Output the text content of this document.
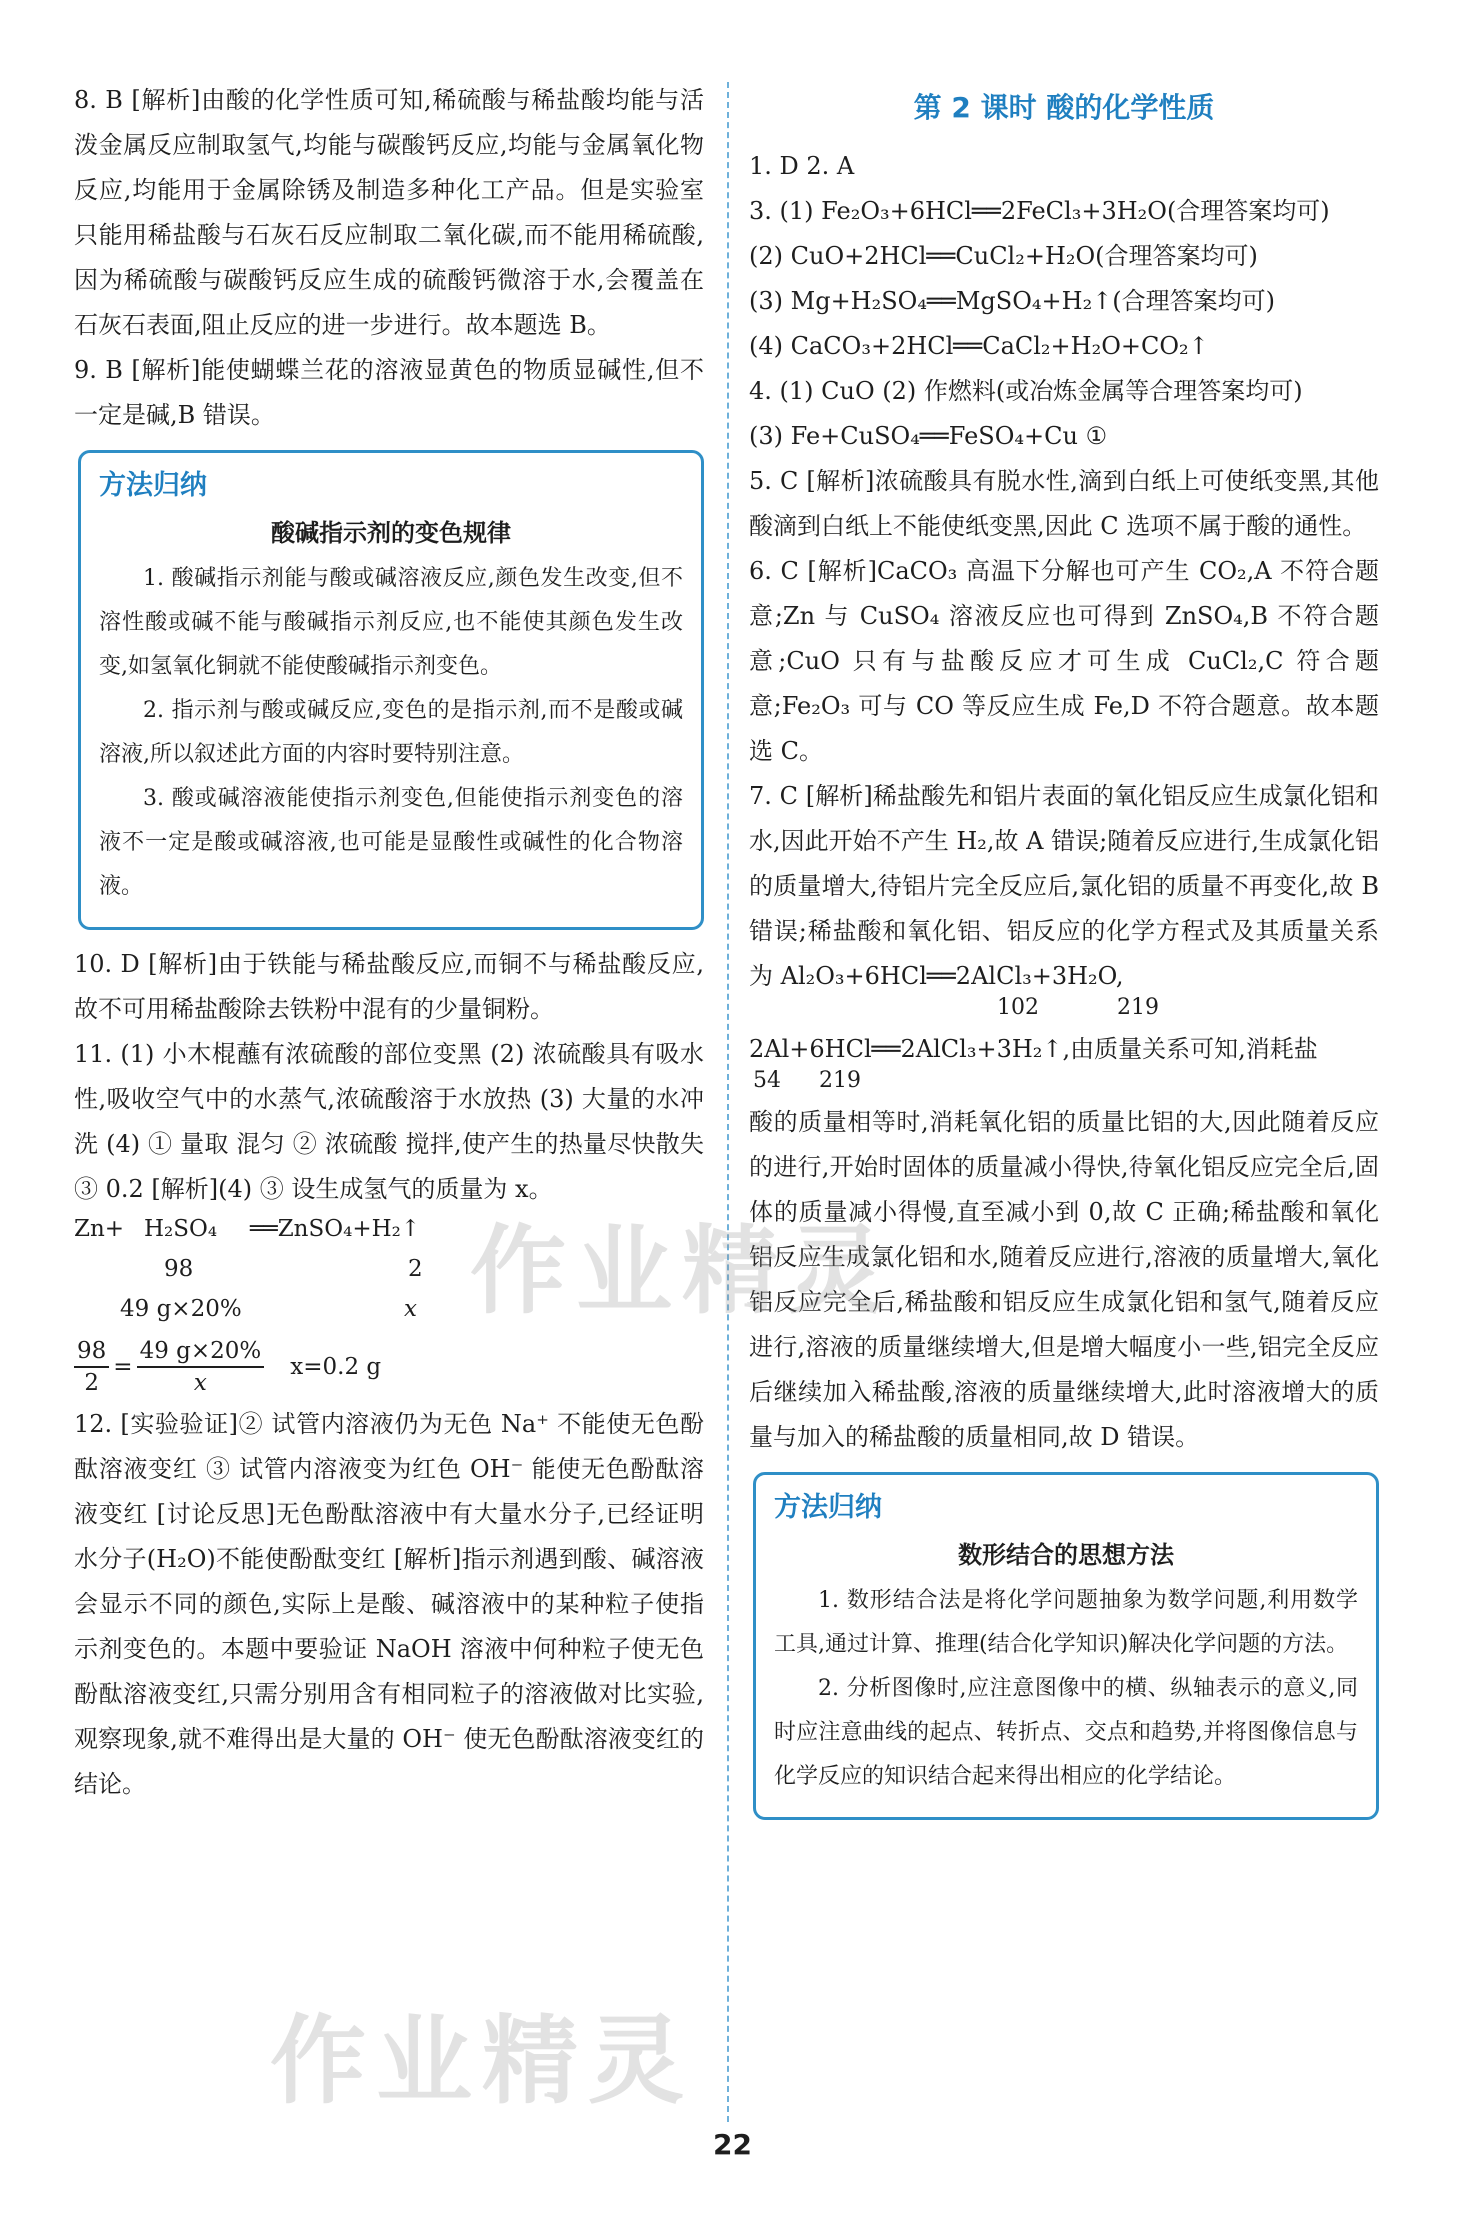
8. B [解析]由酸的化学性质可知,稀硫酸与稀盐酸均能与活泼金属反应制取氢气,均能与碳酸钙反应,均能与金属氧化物反应,均能用于金属除锈及制造多种化工产品。但是实验室只能用稀盐酸与石灰石反应制取二氧化碳,而不能用稀硫酸,因为稀硫酸与碳酸钙反应生成的硫酸钙微溶于水,会覆盖在石灰石表面,阻止反应的进一步进行。故本题选 B。

9. B [解析]能使蝴蝶兰花的溶液显黄色的物质显碱性,但不一定是碱,B 错误。

方法归纳
酸碱指示剂的变色规律

1. 酸碱指示剂能与酸或碱溶液反应,颜色发生改变,但不溶性酸或碱不能与酸碱指示剂反应,也不能使其颜色发生改变,如氢氧化铜就不能使酸碱指示剂变色。

2. 指示剂与酸或碱反应,变色的是指示剂,而不是酸或碱溶液,所以叙述此方面的内容时要特别注意。

3. 酸或碱溶液能使指示剂变色,但能使指示剂变色的溶液不一定是酸或碱溶液,也可能是显酸性或碱性的化合物溶液。

10. D [解析]由于铁能与稀盐酸反应,而铜不与稀盐酸反应,故不可用稀盐酸除去铁粉中混有的少量铜粉。

11. (1) 小木棍蘸有浓硫酸的部位变黑 (2) 浓硫酸具有吸水性,吸收空气中的水蒸气,浓硫酸溶于水放热 (3) 大量的水冲洗 (4) ① 量取 混匀 ② 浓硫酸 搅拌,使产生的热量尽快散失 ③ 0.2 [解析](4) ③ 设生成氢气的质量为 x。

Zn+ H₂SO₄ ══ZnSO₄+H₂↑
98	2
49 g×20%	x
$\frac{98}{2} = \frac{49 g\times 20\%}{x} x=0.2$ g

12. [实验验证]② 试管内溶液仍为无色 Na⁺ 不能使无色酚酞溶液变红 ③ 试管内溶液变为红色 OH⁻ 能使无色酚酞溶液变红 [讨论反思]无色酚酞溶液中有大量水分子,已经证明水分子(H₂O)不能使酚酞变红 [解析]指示剂遇到酸、碱溶液会显示不同的颜色,实际上是酸、碱溶液中的某种粒子使指示剂变色的。本题中要验证 NaOH 溶液中何种粒子使无色酚酞溶液变红,只需分别用含有相同粒子的溶液做对比实验,观察现象,就不难得出是大量的 OH⁻ 使无色酚酞溶液变红的结论。

第 2 课时 酸的化学性质

1. D 2. A

3. (1) Fe₂O₃+6HCl══2FeCl₃+3H₂O(合理答案均可)

(2) CuO+2HCl══CuCl₂+H₂O(合理答案均可)

(3) Mg+H₂SO₄══MgSO₄+H₂↑(合理答案均可)

(4) CaCO₃+2HCl══CaCl₂+H₂O+CO₂↑

4. (1) CuO (2) 作燃料(或冶炼金属等合理答案均可)

(3) Fe+CuSO₄══FeSO₄+Cu ①

5. C [解析]浓硫酸具有脱水性,滴到白纸上可使纸变黑,其他酸滴到白纸上不能使纸变黑,因此 C 选项不属于酸的通性。

6. C [解析]CaCO₃ 高温下分解也可产生 CO₂,A 不符合题意;Zn 与 CuSO₄ 溶液反应也可得到 ZnSO₄,B 不符合题意;CuO 只有与盐酸反应才可生成 CuCl₂,C 符合题意;Fe₂O₃ 可与 CO 等反应生成 Fe,D 不符合题意。故本题选 C。

7. C [解析]稀盐酸先和铝片表面的氧化铝反应生成氯化铝和水,因此开始不产生 H₂,故 A 错误;随着反应进行,生成氯化铝的质量增大,待铝片完全反应后,氯化铝的质量不再变化,故 B 错误;稀盐酸和氧化铝、铝反应的化学方程式及其质量关系为 Al₂O₃+6HCl══2AlCl₃+3H₂O,

102	219

2Al+6HCl══2AlCl₃+3H₂↑,由质量关系可知,消耗盐

54 219

酸的质量相等时,消耗氧化铝的质量比铝的大,因此随着反应的进行,开始时固体的质量减小得快,待氧化铝反应完全后,固体的质量减小得慢,直至减小到 0,故 C 正确;稀盐酸和氧化铝反应生成氯化铝和水,随着反应进行,溶液的质量增大,氧化铝反应完全后,稀盐酸和铝反应生成氯化铝和氢气,随着反应进行,溶液的质量继续增大,但是增大幅度小一些,铝完全反应后继续加入稀盐酸,溶液的质量继续增大,此时溶液增大的质量与加入的稀盐酸的质量相同,故 D 错误。

方法归纳
数形结合的思想方法

1. 数形结合法是将化学问题抽象为数学问题,利用数学工具,通过计算、推理(结合化学知识)解决化学问题的方法。

2. 分析图像时,应注意图像中的横、纵轴表示的意义,同时应注意曲线的起点、转折点、交点和趋势,并将图像信息与化学反应的知识结合起来得出相应的化学结论。

作业精灵
作业精灵
22
